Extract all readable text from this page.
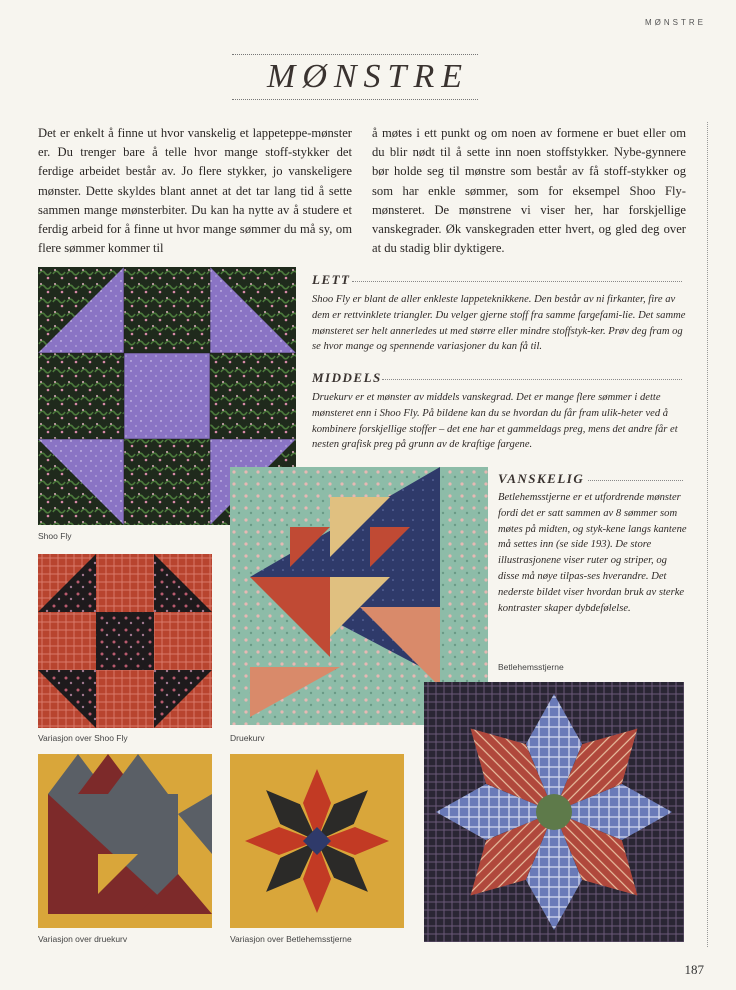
MØNSTRE
MØNSTRE
Det er enkelt å finne ut hvor vanskelig et lappeteppe-mønster er. Du trenger bare å telle hvor mange stoff-stykker det ferdige arbeidet består av. Jo flere stykker, jo vanskeligere mønster. Dette skyldes blant annet at det tar lang tid å sette sammen mange mønsterbiter. Du kan ha nytte av å studere et ferdig arbeid for å finne ut hvor mange sømmer du må sy, om flere sømmer kommer til
å møtes i ett punkt og om noen av formene er buet eller om du blir nødt til å sette inn noen stoffstykker. Nybe-gynnere bør holde seg til mønstre som består av få stoff-stykker og som har enkle sømmer, som for eksempel Shoo Fly-mønsteret. De mønstrene vi viser her, har forskjellige vanskegrader. Øk vanskegraden etter hvert, og gled deg over at du stadig blir dyktigere.
LETT
Shoo Fly er blant de aller enkleste lappeteknikkene. Den består av ni firkanter, fire av dem er rettvinklete triangler. Du velger gjerne stoff fra samme fargefami-lie. Det samme mønsteret ser helt annerledes ut med større eller mindre stoffstyk-ker. Prøv deg fram og se hvor mange og spennende variasjoner du kan få til.
MIDDELS
Druekurv er et mønster av middels vanskegrad. Det er mange flere sømmer i dette mønsteret enn i Shoo Fly. På bildene kan du se hvordan du får fram ulik-heter ved å kombinere forskjellige stoffer – det ene har et gammeldags preg, mens det andre får et nesten grafisk preg på grunn av de kraftige fargene.
VANSKELIG
Betlehemsstjerne er et utfordrende mønster fordi det er satt sammen av 8 sømmer som møtes på midten, og styk-kene langs kantene må settes inn (se side 193). De store illustrasjonene viser ruter og striper, og disse må nøye tilpas-ses hverandre. Det nederste bildet viser hvordan bruk av sterke kontraster skaper dybdefølelse.
Shoo Fly
Variasjon over Shoo Fly	Druekurv
Betlehemsstjerne
Variasjon over druekurv	Variasjon over Betlehemsstjerne
187
